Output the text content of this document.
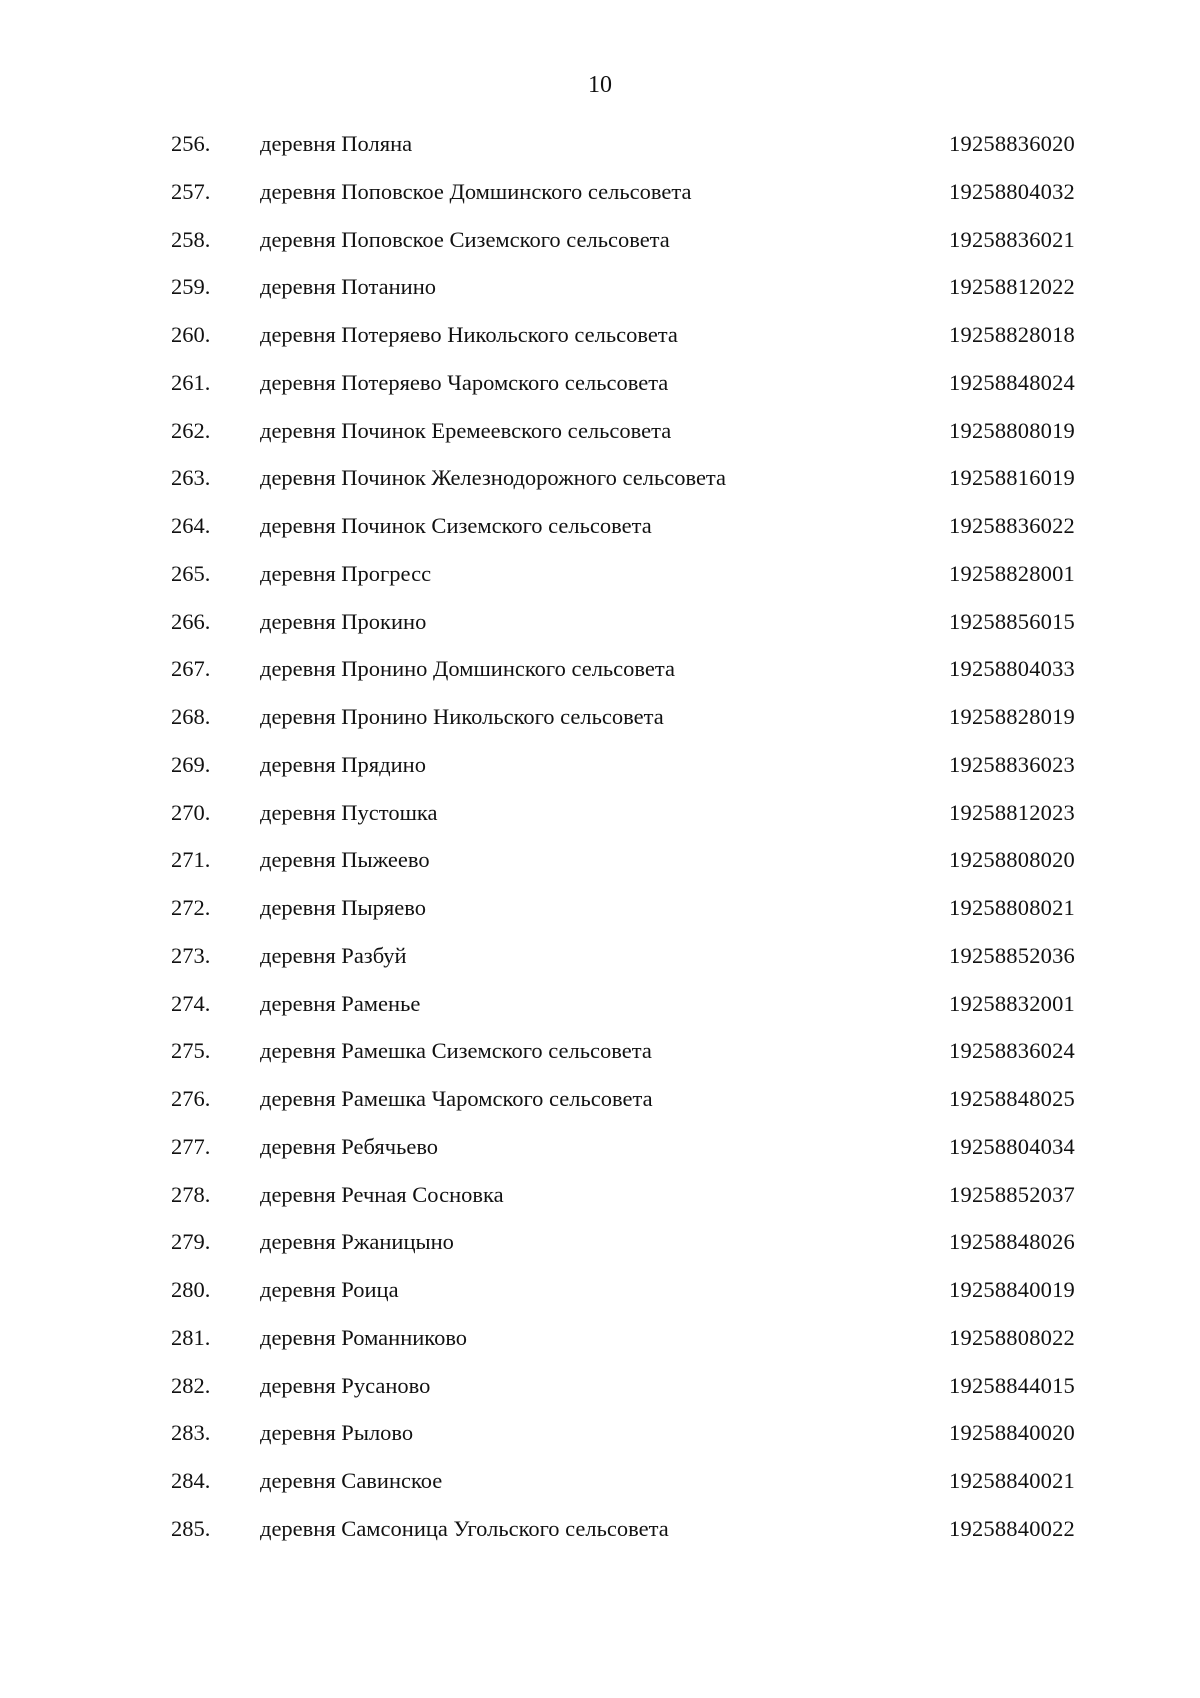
10
256.	деревня Поляна	19258836020
257.	деревня Поповское Домшинского сельсовета	19258804032
258.	деревня Поповское Сиземского сельсовета	19258836021
259.	деревня Потанино	19258812022
260.	деревня Потеряево Никольского сельсовета	19258828018
261.	деревня Потеряево Чаромского сельсовета	19258848024
262.	деревня Починок Еремеевского сельсовета	19258808019
263.	деревня Починок Железнодорожного сельсовета	19258816019
264.	деревня Починок Сиземского сельсовета	19258836022
265.	деревня Прогресс	19258828001
266.	деревня Прокино	19258856015
267.	деревня Пронино Домшинского сельсовета	19258804033
268.	деревня Пронино Никольского сельсовета	19258828019
269.	деревня Прядино	19258836023
270.	деревня Пустошка	19258812023
271.	деревня Пыжеево	19258808020
272.	деревня Пыряево	19258808021
273.	деревня Разбуй	19258852036
274.	деревня Раменье	19258832001
275.	деревня Рамешка Сиземского сельсовета	19258836024
276.	деревня Рамешка Чаромского сельсовета	19258848025
277.	деревня Ребячьево	19258804034
278.	деревня Речная Сосновка	19258852037
279.	деревня Ржаницыно	19258848026
280.	деревня Роица	19258840019
281.	деревня Романниково	19258808022
282.	деревня Русаново	19258844015
283.	деревня Рылово	19258840020
284.	деревня Савинское	19258840021
285.	деревня Самсоница Угольского сельсовета	19258840022
